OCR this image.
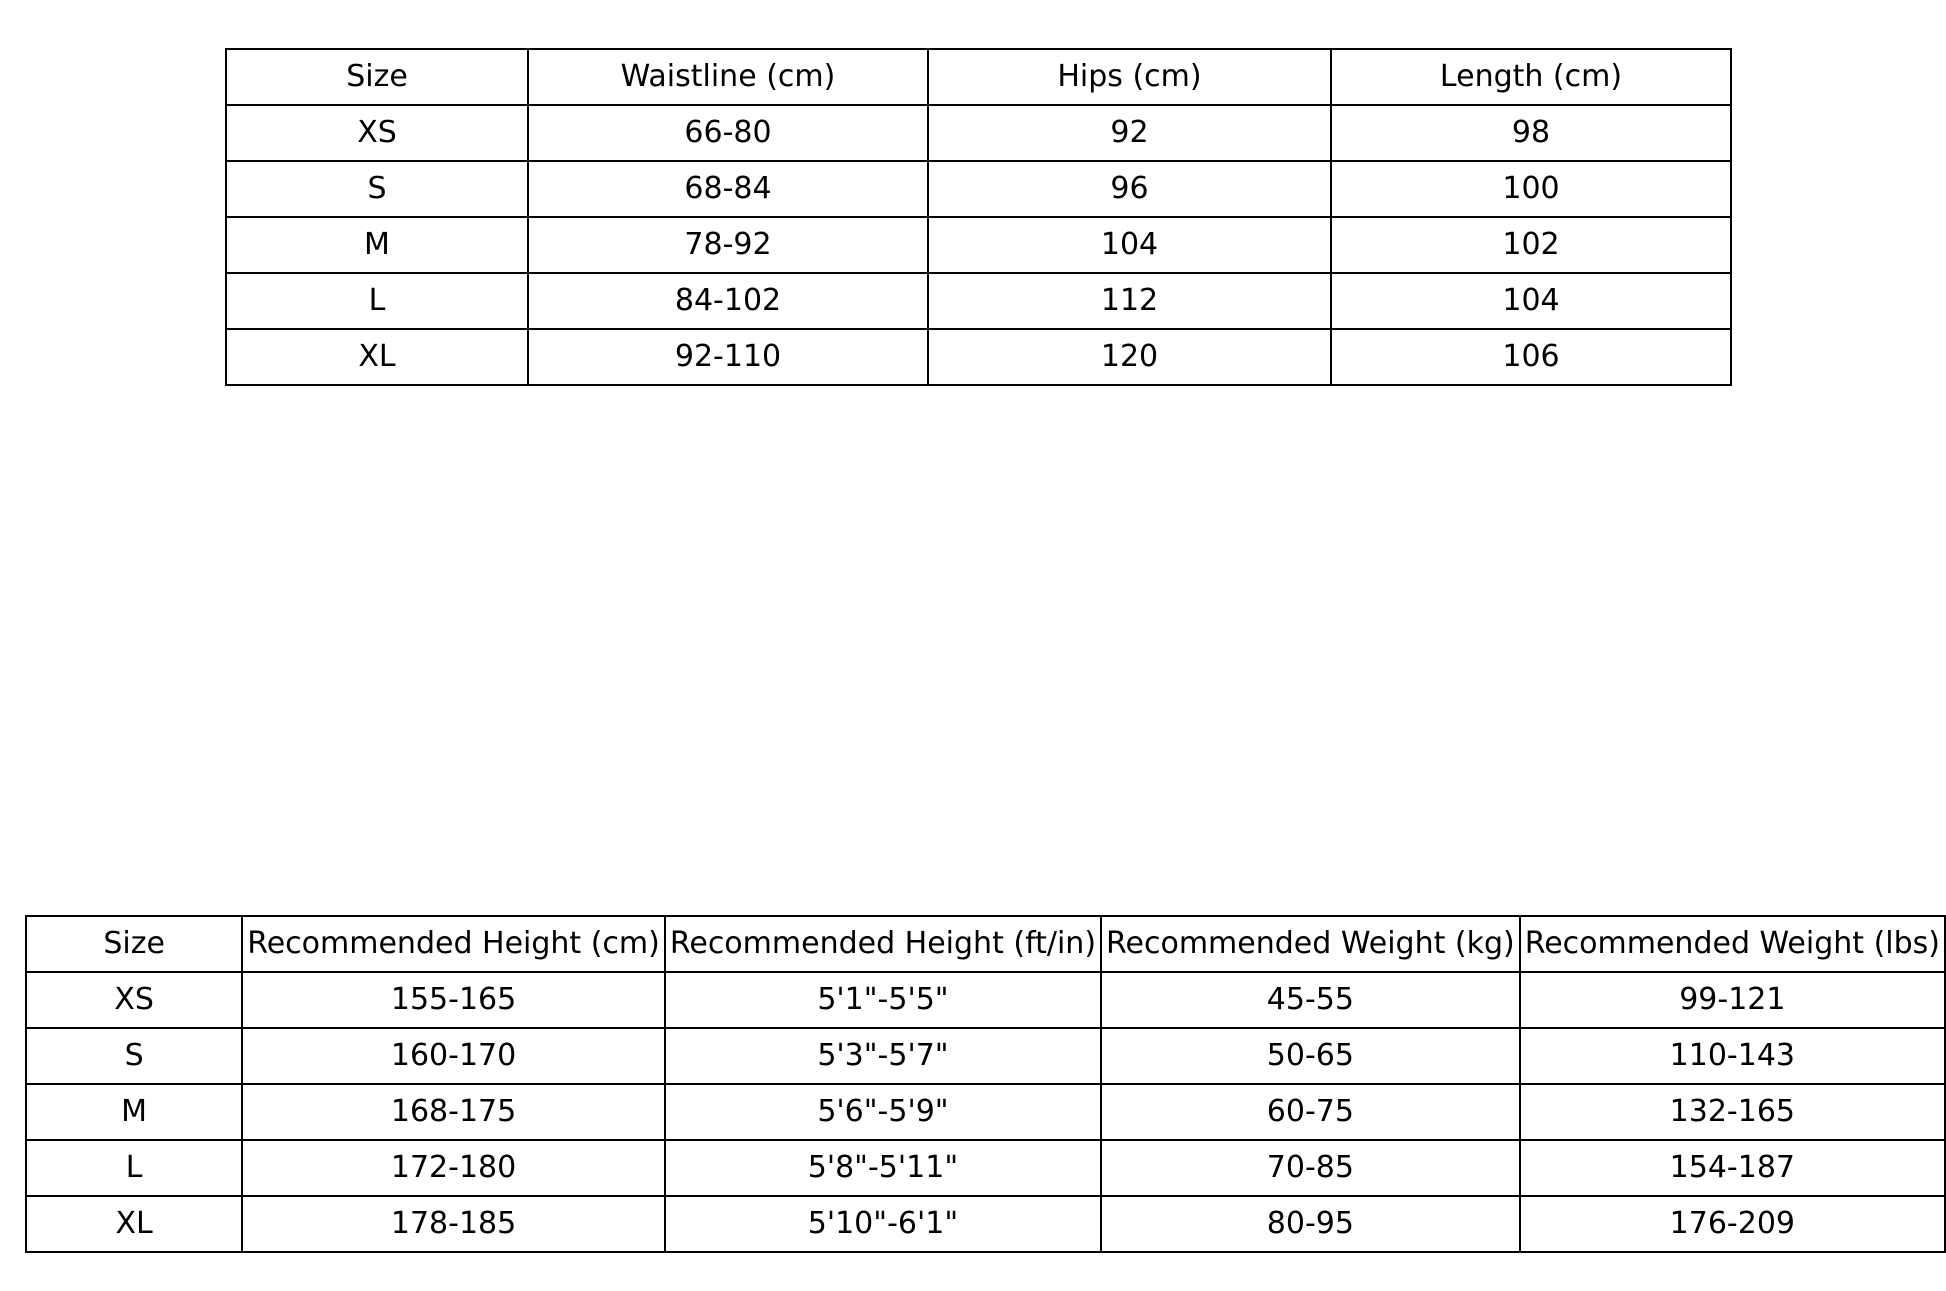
Size	Waistline (cm)	Hips (cm)	Length (cm)
XS	66-80	92	98
S	68-84	96	100
M	78-92	104	102
L	84-102	112	104
XL	92-110	120	106
Size	Recommended Height (cm)	Recommended Height (ft/in)	Recommended Weight (kg)	Recommended Weight (lbs)
XS	155-165	5'1"-5'5"	45-55	99-121
S	160-170	5'3"-5'7"	50-65	110-143
M	168-175	5'6"-5'9"	60-75	132-165
L	172-180	5'8"-5'11"	70-85	154-187
XL	178-185	5'10"-6'1"	80-95	176-209
